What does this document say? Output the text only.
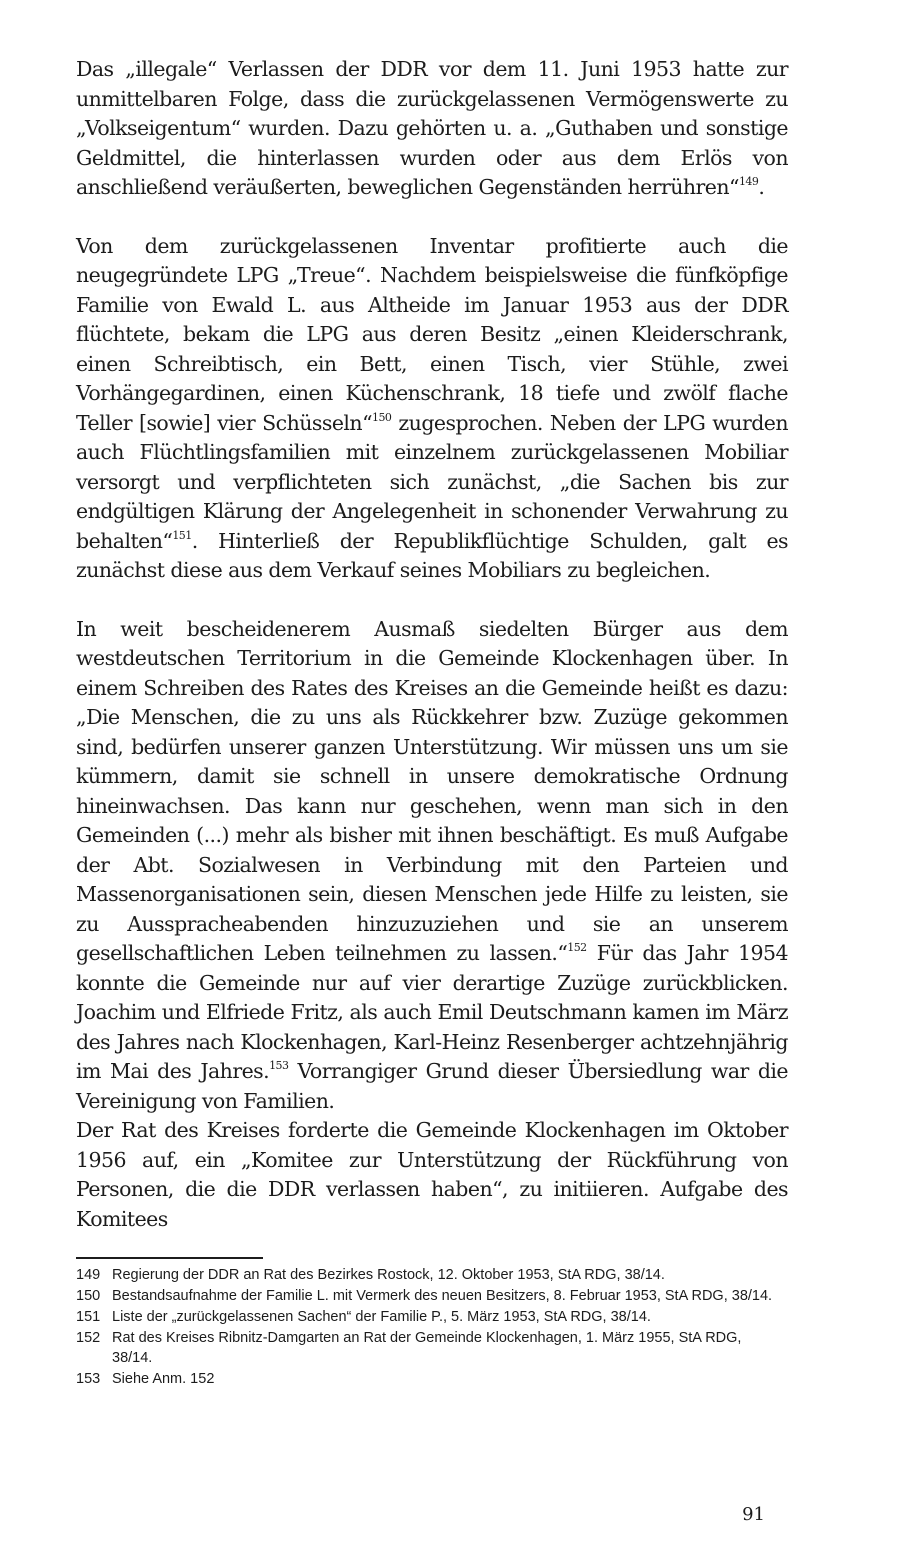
Das „illegale“ Verlassen der DDR vor dem 11. Juni 1953 hatte zur unmittelbaren Folge, dass die zurückgelassenen Vermögenswerte zu „Volkseigentum“ wurden. Dazu gehörten u. a. „Guthaben und sonstige Geldmittel, die hinterlassen wurden oder aus dem Erlös von anschließend veräußerten, beweglichen Gegenständen herrühren“$^{149}$.

Von dem zurückgelassenen Inventar profitierte auch die neugegründete LPG „Treue“. Nachdem beispielsweise die fünfköpfige Familie von Ewald L. aus Altheide im Januar 1953 aus der DDR flüchtete, bekam die LPG aus deren Besitz „einen Kleiderschrank, einen Schreibtisch, ein Bett, einen Tisch, vier Stühle, zwei Vorhängegardinen, einen Küchenschrank, 18 tiefe und zwölf flache Teller [sowie] vier Schüsseln“$^{150}$ zugesprochen. Neben der LPG wurden auch Flüchtlingsfamilien mit einzelnem zurückgelassenen Mobiliar versorgt und verpflichteten sich zunächst, „die Sachen bis zur endgültigen Klärung der Angelegenheit in schonender Verwahrung zu behalten“$^{151}$. Hinterließ der Republikflüchtige Schulden, galt es zunächst diese aus dem Verkauf seines Mobiliars zu begleichen.

In weit bescheidenerem Ausmaß siedelten Bürger aus dem westdeutschen Territorium in die Gemeinde Klockenhagen über. In einem Schreiben des Rates des Kreises an die Gemeinde heißt es dazu: „Die Menschen, die zu uns als Rückkehrer bzw. Zuzüge gekommen sind, bedürfen unserer ganzen Unterstützung. Wir müssen uns um sie kümmern, damit sie schnell in unsere demokratische Ordnung hineinwachsen. Das kann nur geschehen, wenn man sich in den Gemeinden (...) mehr als bisher mit ihnen beschäftigt. Es muß Aufgabe der Abt. Sozialwesen in Verbindung mit den Parteien und Massenorganisationen sein, diesen Menschen jede Hilfe zu leisten, sie zu Ausspracheabenden hinzuzuziehen und sie an unserem gesellschaftlichen Leben teilnehmen zu lassen.“$^{152}$ Für das Jahr 1954 konnte die Gemeinde nur auf vier derartige Zuzüge zurückblicken. Joachim und Elfriede Fritz, als auch Emil Deutschmann kamen im März des Jahres nach Klockenhagen, Karl-Heinz Resenberger achtzehnjährig im Mai des Jahres.$^{153}$ Vorrangiger Grund dieser Übersiedlung war die Vereinigung von Familien.

Der Rat des Kreises forderte die Gemeinde Klockenhagen im Oktober 1956 auf, ein „Komitee zur Unterstützung der Rückführung von Personen, die die DDR verlassen haben“, zu initiieren. Aufgabe des Komitees

149 Regierung der DDR an Rat des Bezirkes Rostock, 12. Oktober 1953, StA RDG, 38/14.
150 Bestandsaufnahme der Familie L. mit Vermerk des neuen Besitzers, 8. Februar 1953, StA RDG, 38/14.
151 Liste der „zurückgelassenen Sachen“ der Familie P., 5. März 1953, StA RDG, 38/14.
152 Rat des Kreises Ribnitz-Damgarten an Rat der Gemeinde Klockenhagen, 1. März 1955, StA RDG, 38/14.
153 Siehe Anm. 152
91
